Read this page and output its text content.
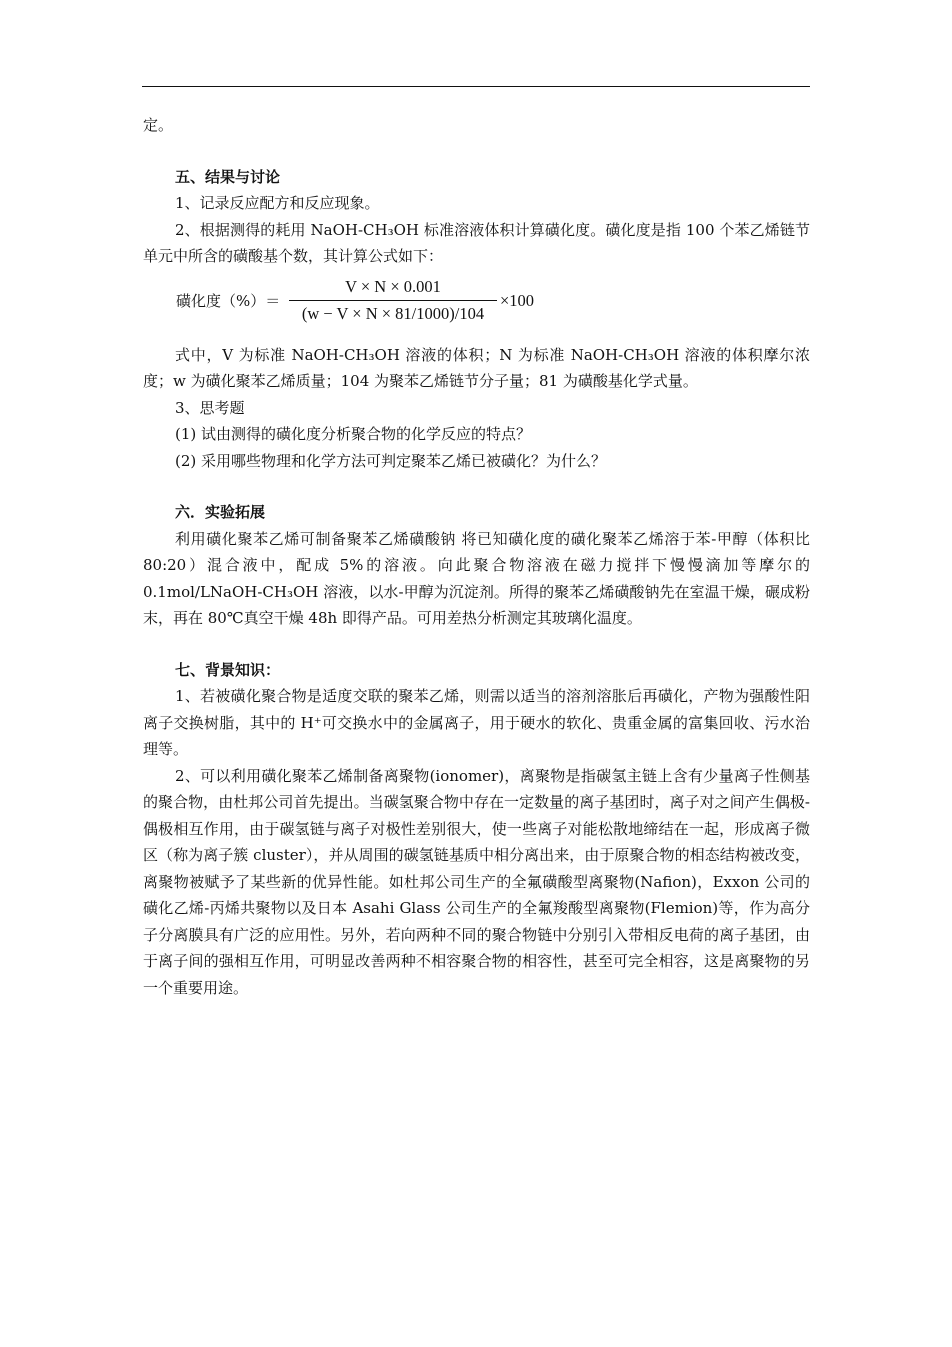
定。

五、结果与讨论

1、记录反应配方和反应现象。

2、根据测得的耗用 NaOH-CH₃OH 标准溶液体积计算磺化度。磺化度是指 100 个苯乙烯链节单元中所含的磺酸基个数，其计算公式如下：

磺化度（%）＝
V × N × 0.001
(w − V × N × 81/1000)/104
×100

式中，V 为标准 NaOH-CH₃OH 溶液的体积；N 为标准 NaOH-CH₃OH 溶液的体积摩尔浓度；w 为磺化聚苯乙烯质量；104 为聚苯乙烯链节分子量；81 为磺酸基化学式量。

3、思考题

(1) 试由测得的磺化度分析聚合物的化学反应的特点？

(2) 采用哪些物理和化学方法可判定聚苯乙烯已被磺化？为什么？

六．实验拓展

利用磺化聚苯乙烯可制备聚苯乙烯磺酸钠 将已知磺化度的磺化聚苯乙烯溶于苯-甲醇（体积比 80:20）混合液中，配成 5%的溶液。向此聚合物溶液在磁力搅拌下慢慢滴加等摩尔的 0.1mol/LNaOH-CH₃OH 溶液，以水-甲醇为沉淀剂。所得的聚苯乙烯磺酸钠先在室温干燥，碾成粉末，再在 80℃真空干燥 48h 即得产品。可用差热分析测定其玻璃化温度。

七、背景知识：

1、若被磺化聚合物是适度交联的聚苯乙烯，则需以适当的溶剂溶胀后再磺化，产物为强酸性阳离子交换树脂，其中的 H⁺可交换水中的金属离子，用于硬水的软化、贵重金属的富集回收、污水治理等。

2、可以利用磺化聚苯乙烯制备离聚物(ionomer)，离聚物是指碳氢主链上含有少量离子性侧基的聚合物，由杜邦公司首先提出。当碳氢聚合物中存在一定数量的离子基团时，离子对之间产生偶极-偶极相互作用，由于碳氢链与离子对极性差别很大，使一些离子对能松散地缔结在一起，形成离子微区（称为离子簇 cluster），并从周围的碳氢链基质中相分离出来，由于原聚合物的相态结构被改变，离聚物被赋予了某些新的优异性能。如杜邦公司生产的全氟磺酸型离聚物(Nafion)，Exxon 公司的磺化乙烯-丙烯共聚物以及日本 Asahi Glass 公司生产的全氟羧酸型离聚物(Flemion)等，作为高分子分离膜具有广泛的应用性。另外，若向两种不同的聚合物链中分别引入带相反电荷的离子基团，由于离子间的强相互作用，可明显改善两种不相容聚合物的相容性，甚至可完全相容，这是离聚物的另一个重要用途。
